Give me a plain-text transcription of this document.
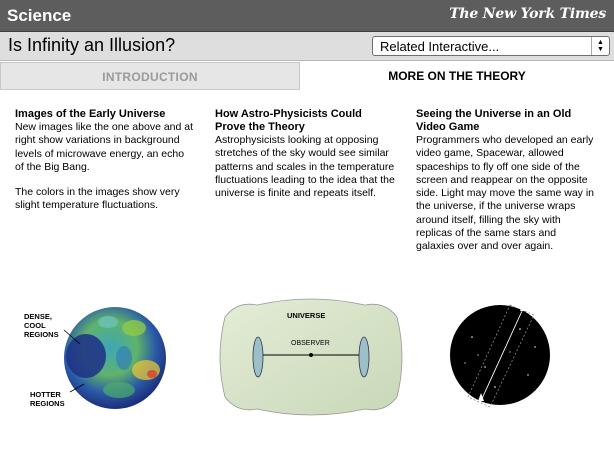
Science	The New York Times
Is Infinity an Illusion?	Related Interactive...	▲
▼
INTRODUCTION	MORE ON THE THEORY
Images of the Early Universe

New images like the one above and at right show variations in background levels of microwave energy, an echo of the Big Bang.

The colors in the images show very slight temperature fluctuations.

How Astro-Physicists Could Prove the Theory

Astrophysicists looking at opposing stretches of the sky would see similar patterns and scales in the temperature fluctuations leading to the idea that the universe is finite and repeats itself.

Seeing the Universe in an Old Video Game

Programmers who developed an early video game, Spacewar, allowed spaceships to fly off one side of the screen and reappear on the opposite side. Light may move the same way in the universe, if the universe wraps around itself, filling the sky with replicas of the same stars and galaxies over and over again.

DENSE, COOL REGIONS
HOTTER REGIONS
UNIVERSE
OBSERVER
